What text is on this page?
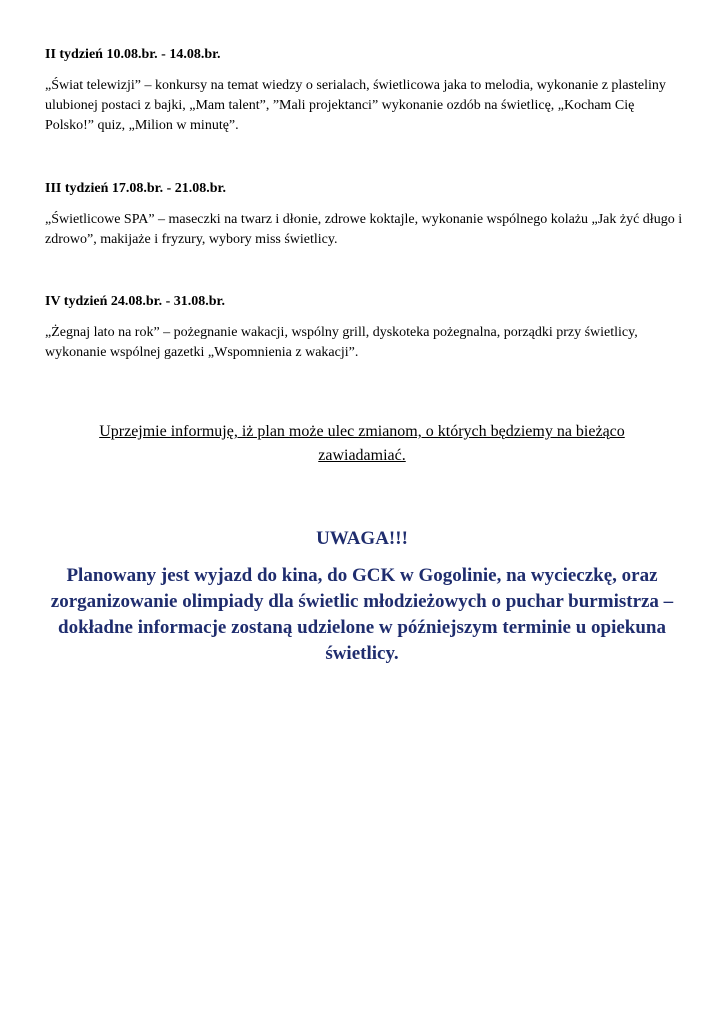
II tydzień 10.08.br. - 14.08.br.

„Świat telewizji” – konkursy na temat wiedzy o serialach, świetlicowa jaka to melodia, wykonanie z plasteliny ulubionej postaci z bajki, „Mam talent”, ”Mali projektanci” wykonanie ozdób na świetlicę, „Kocham Cię Polsko!” quiz, „Milion w minutę”.

III tydzień 17.08.br. - 21.08.br.

„Świetlicowe SPA” – maseczki na twarz i dłonie, zdrowe koktajle, wykonanie wspólnego kolażu „Jak żyć długo i zdrowo”, makijaże i fryzury, wybory miss świetlicy.

IV tydzień 24.08.br. - 31.08.br.

„Żegnaj lato na rok” – pożegnanie wakacji, wspólny grill, dyskoteka pożegnalna, porządki przy świetlicy, wykonanie wspólnej gazetki „Wspomnienia z wakacji”.

Uprzejmie informuję, iż plan może ulec zmianom, o których będziemy na bieżąco zawiadamiać.

UWAGA!!!

Planowany jest wyjazd do kina, do GCK w Gogolinie, na wycieczkę, oraz zorganizowanie olimpiady dla świetlic młodzieżowych o puchar burmistrza – dokładne informacje zostaną udzielone w późniejszym terminie u opiekuna świetlicy.
